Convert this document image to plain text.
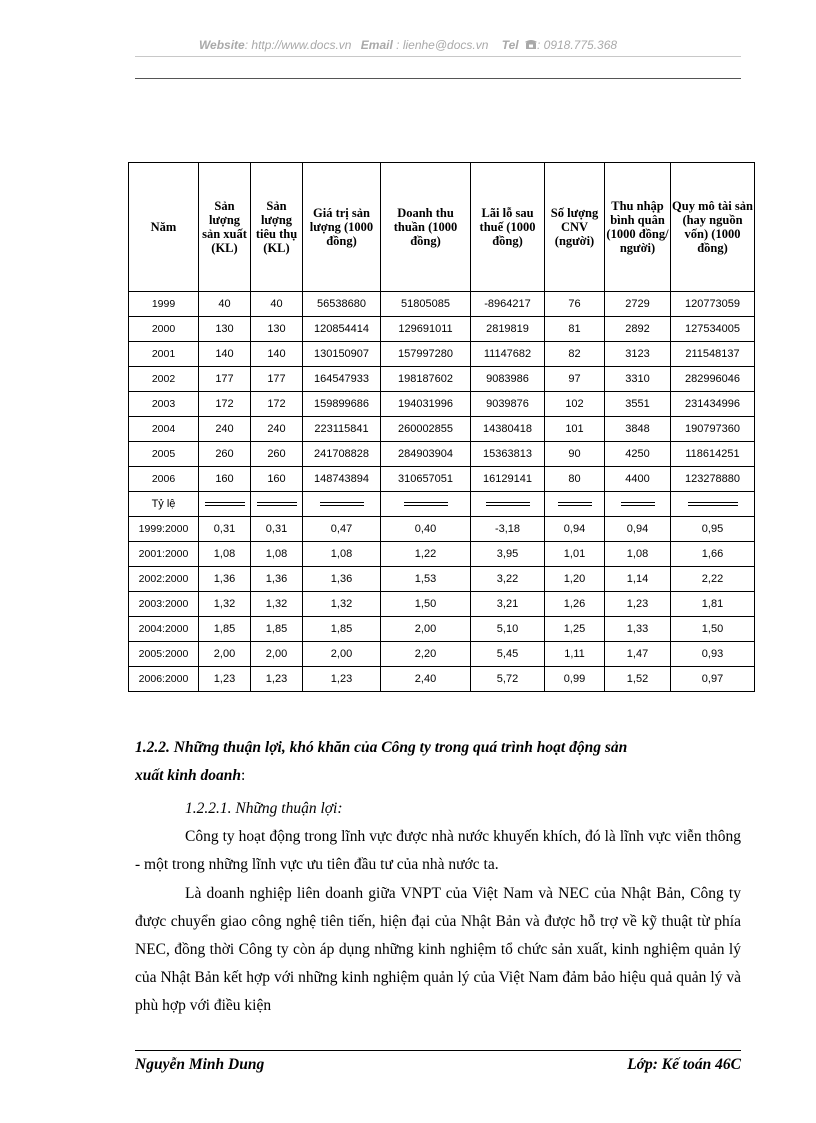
Website: http://www.docs.vn Email : lienhe@docs.vn Tel : 0918.775.368
Năm	Sản lượng sản xuất (KL)	Sản lượng tiêu thụ (KL)	Giá trị sản lượng (1000 đồng)	Doanh thu thuần (1000 đồng)	Lãi lỗ sau thuế (1000 đồng)	Số lượng CNV (người)	Thu nhập bình quân (1000 đồng/ người)	Quy mô tài sản (hay nguồn vốn) (1000 đồng)
1999	40	40	56538680	51805085	-8964217	76	2729	120773059
2000	130	130	120854414	129691011	2819819	81	2892	127534005
2001	140	140	130150907	157997280	11147682	82	3123	211548137
2002	177	177	164547933	198187602	9083986	97	3310	282996046
2003	172	172	159899686	194031996	9039876	102	3551	231434996
2004	240	240	223115841	260002855	14380418	101	3848	190797360
2005	260	260	241708828	284903904	15363813	90	4250	118614251
2006	160	160	148743894	310657051	16129141	80	4400	123278880
Tỷ lệ								
1999:2000	0,31	0,31	0,47	0,40	-3,18	0,94	0,94	0,95
2001:2000	1,08	1,08	1,08	1,22	3,95	1,01	1,08	1,66
2002:2000	1,36	1,36	1,36	1,53	3,22	1,20	1,14	2,22
2003:2000	1,32	1,32	1,32	1,50	3,21	1,26	1,23	1,81
2004:2000	1,85	1,85	1,85	2,00	5,10	1,25	1,33	1,50
2005:2000	2,00	2,00	2,00	2,20	5,45	1,11	1,47	0,93
2006:2000	1,23	1,23	1,23	2,40	5,72	0,99	1,52	0,97
1.2.2. Những thuận lợi, khó khăn của Công ty trong quá trình hoạt động sản
xuất kinh doanh:
1.2.2.1. Những thuận lợi:
Công ty hoạt động trong lĩnh vực được nhà nước khuyến khích, đó là lĩnh vực viễn thông - một trong những lĩnh vực ưu tiên đầu tư của nhà nước ta.
Là doanh nghiệp liên doanh giữa VNPT của Việt Nam và NEC của Nhật Bản, Công ty được chuyển giao công nghệ tiên tiến, hiện đại của Nhật Bản và được hỗ trợ về kỹ thuật từ phía NEC, đồng thời Công ty còn áp dụng những kinh nghiệm tổ chức sản xuất, kinh nghiệm quản lý của Nhật Bản kết hợp với những kinh nghiệm quản lý của Việt Nam đảm bảo hiệu quả quản lý và phù hợp với điều kiện
Nguyễn Minh Dung	Lớp: Kế toán 46C
